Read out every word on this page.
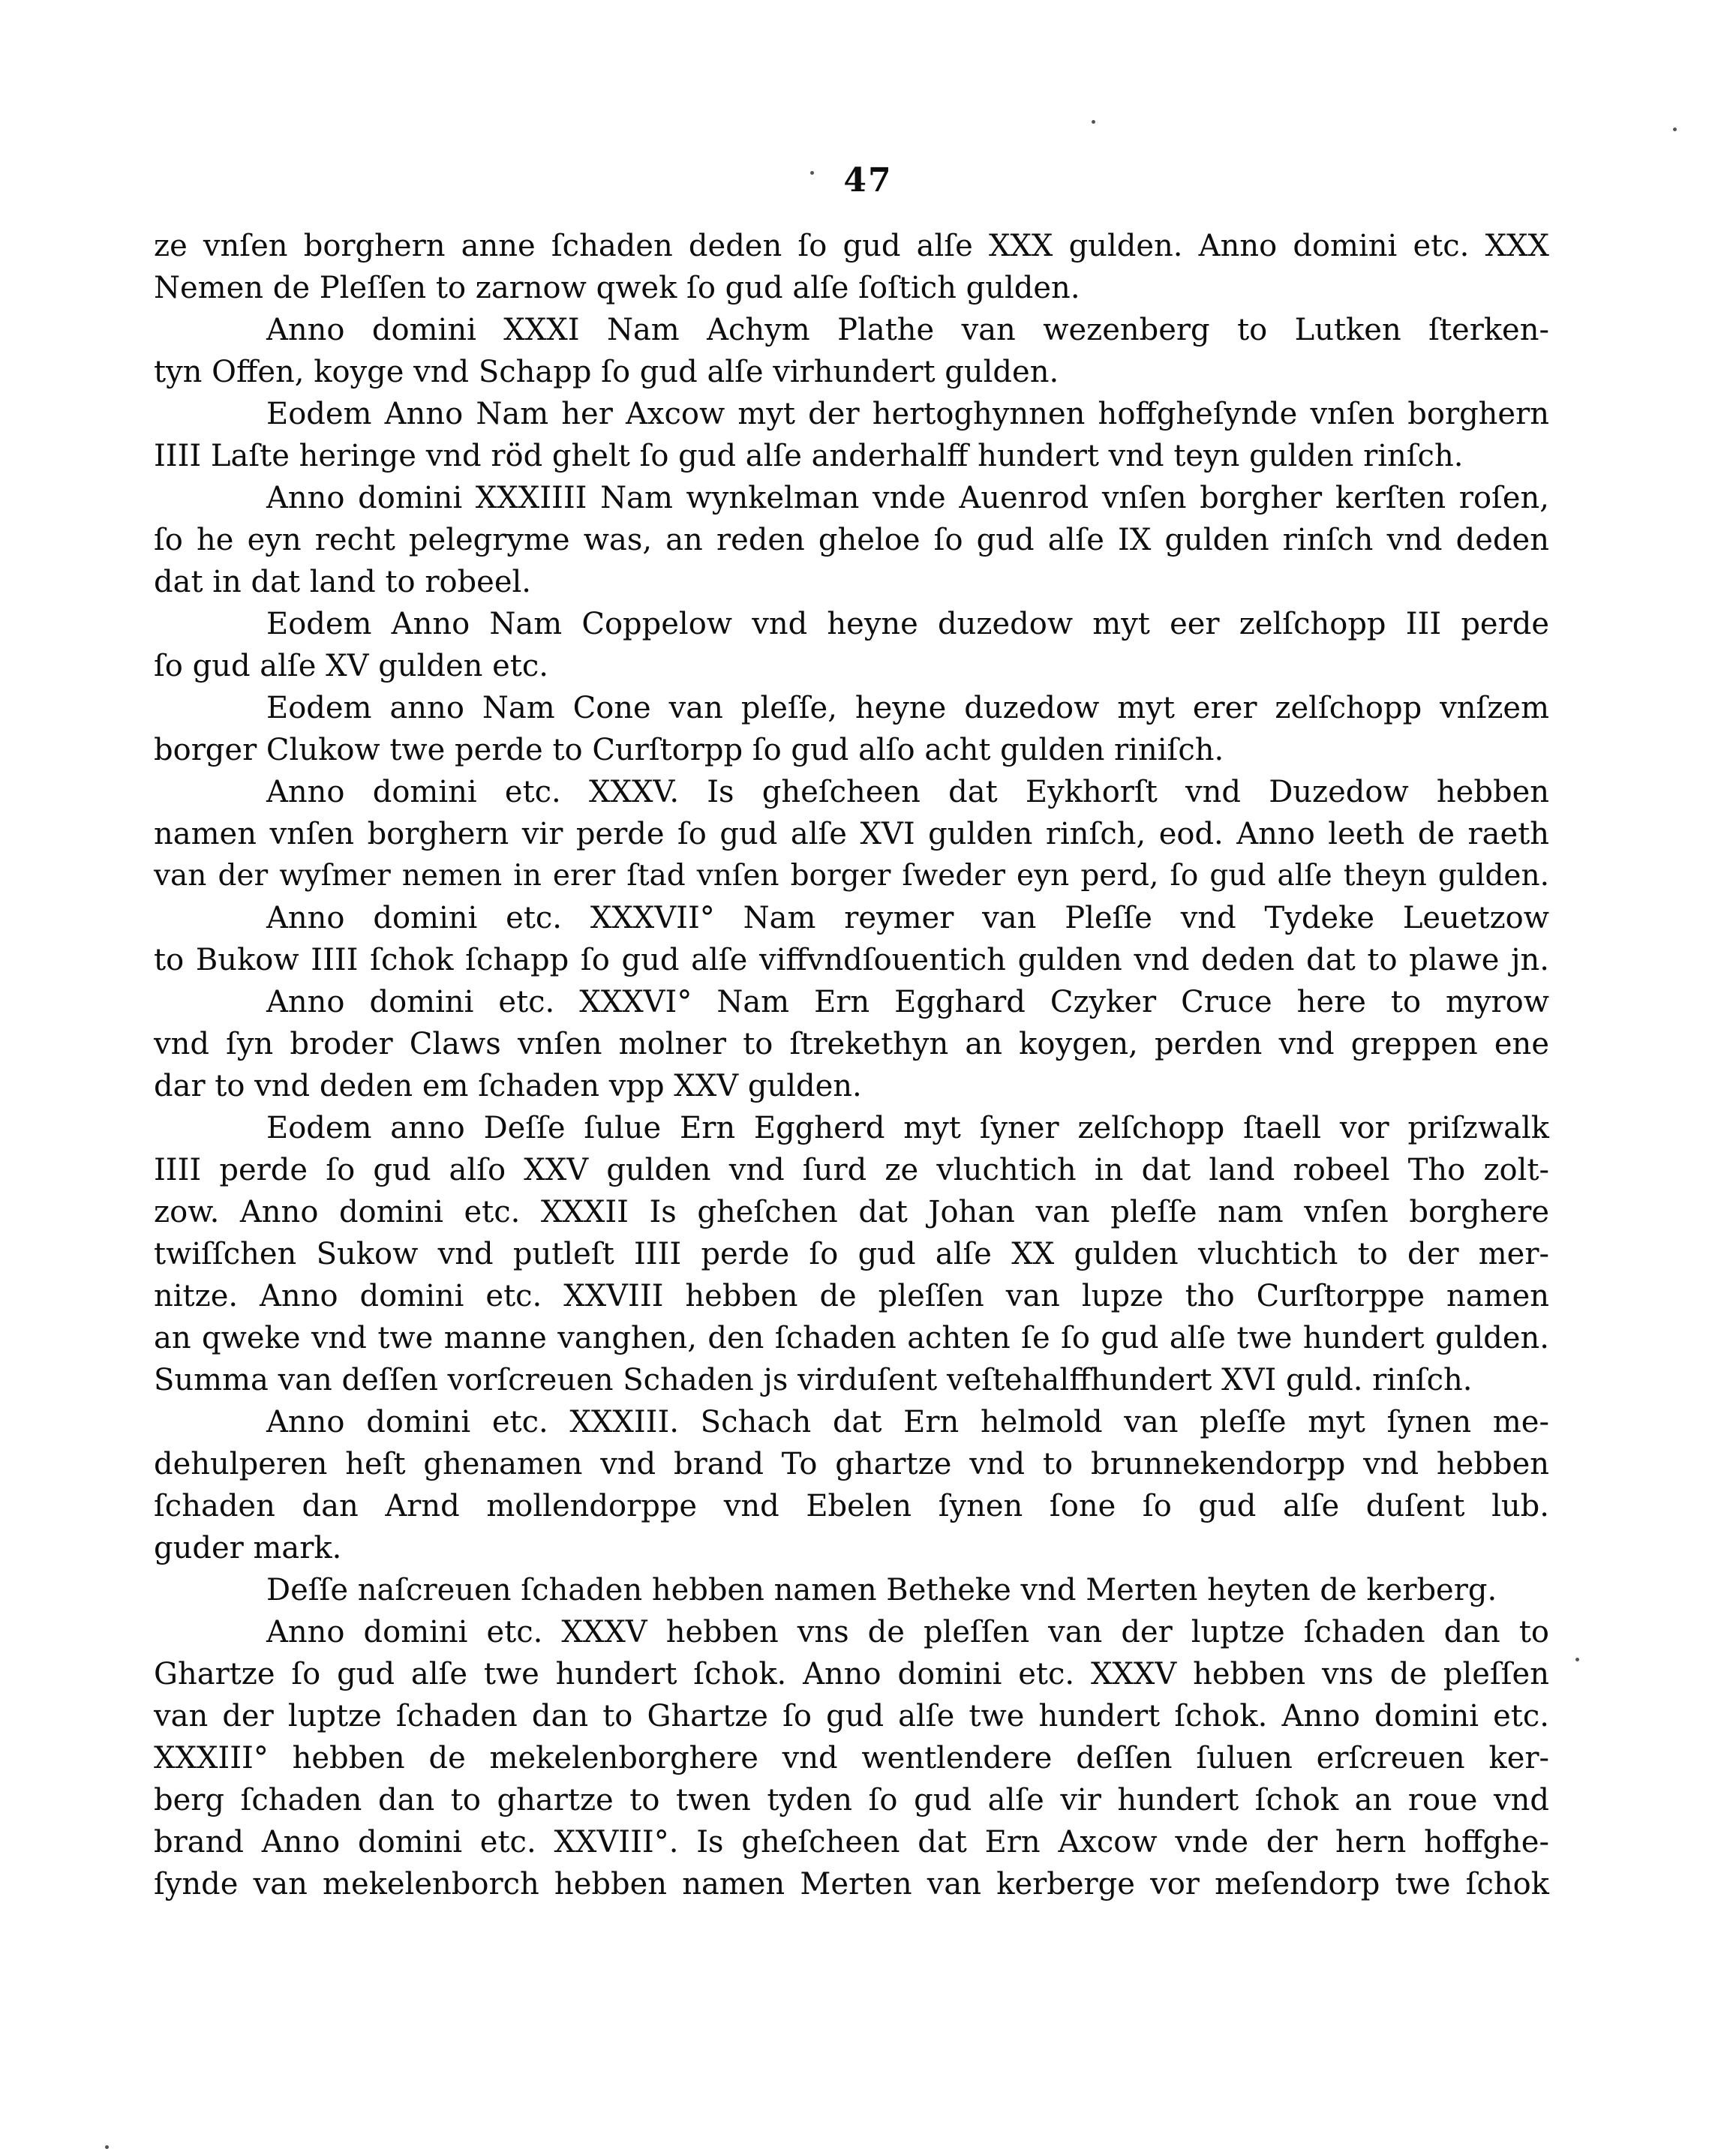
47
ze vnſen borghern anne ſchaden deden ſo gud alſe XXX gulden. Anno domini etc. XXX
Nemen de Pleſſen to zarnow qwek ſo gud alſe ſoſtich gulden.
Anno domini XXXI Nam Achym Plathe van wezenberg to Lutken ſterken-
tyn Offen, koyge vnd Schapp ſo gud alſe virhundert gulden.
Eodem Anno Nam her Axcow myt der hertoghynnen hoffgheſynde vnſen borghern
IIII Laſte heringe vnd röd ghelt ſo gud alſe anderhalff hundert vnd teyn gulden rinſch.
Anno domini XXXIIII Nam wynkelman vnde Auenrod vnſen borgher kerſten roſen,
ſo he eyn recht pelegryme was, an reden gheloe ſo gud alſe IX gulden rinſch vnd deden
dat in dat land to robeel.
Eodem Anno Nam Coppelow vnd heyne duzedow myt eer zelſchopp III perde
ſo gud alſe XV gulden etc.
Eodem anno Nam Cone van pleſſe, heyne duzedow myt erer zelſchopp vnſzem
borger Clukow twe perde to Curſtorpp ſo gud alſo acht gulden riniſch.
Anno domini etc. XXXV. Is gheſcheen dat Eykhorſt vnd Duzedow hebben
namen vnſen borghern vir perde ſo gud alſe XVI gulden rinſch, eod. Anno leeth de raeth
van der wyſmer nemen in erer ſtad vnſen borger ſweder eyn perd, ſo gud alſe theyn gulden.
Anno domini etc. XXXVII° Nam reymer van Pleſſe vnd Tydeke Leuetzow
to Bukow IIII ſchok ſchapp ſo gud alſe viffvndſouentich gulden vnd deden dat to plawe jn.
Anno domini etc. XXXVI° Nam Ern Egghard Czyker Cruce here to myrow
vnd ſyn broder Claws vnſen molner to ſtrekethyn an koygen, perden vnd greppen ene
dar to vnd deden em ſchaden vpp XXV gulden.
Eodem anno Deſſe ſulue Ern Eggherd myt ſyner zelſchopp ſtaell vor priſzwalk
IIII perde ſo gud alſo XXV gulden vnd ſurd ze vluchtich in dat land robeel Tho zolt-
zow. Anno domini etc. XXXII Is gheſchen dat Johan van pleſſe nam vnſen borghere
twiſſchen Sukow vnd putleſt IIII perde ſo gud alſe XX gulden vluchtich to der mer-
nitze. Anno domini etc. XXVIII hebben de pleſſen van lupze tho Curſtorppe namen
an qweke vnd twe manne vanghen, den ſchaden achten ſe ſo gud alſe twe hundert gulden.
Summa van deſſen vorſcreuen Schaden js virduſent veſtehalffhundert XVI guld. rinſch.
Anno domini etc. XXXIII. Schach dat Ern helmold van pleſſe myt ſynen me-
dehulperen heſt ghenamen vnd brand To ghartze vnd to brunnekendorpp vnd hebben
ſchaden dan Arnd mollendorppe vnd Ebelen ſynen ſone ſo gud alſe duſent lub.
guder mark.
Deſſe naſcreuen ſchaden hebben namen Betheke vnd Merten heyten de kerberg.
Anno domini etc. XXXV hebben vns de pleſſen van der luptze ſchaden dan to
Ghartze ſo gud alſe twe hundert ſchok. Anno domini etc. XXXV hebben vns de pleſſen
van der luptze ſchaden dan to Ghartze ſo gud alſe twe hundert ſchok. Anno domini etc.
XXXIII° hebben de mekelenborghere vnd wentlendere deſſen ſuluen erſcreuen ker-
berg ſchaden dan to ghartze to twen tyden ſo gud alſe vir hundert ſchok an roue vnd
brand Anno domini etc. XXVIII°. Is gheſcheen dat Ern Axcow vnde der hern hoffghe-
ſynde van mekelenborch hebben namen Merten van kerberge vor meſendorp twe ſchok
